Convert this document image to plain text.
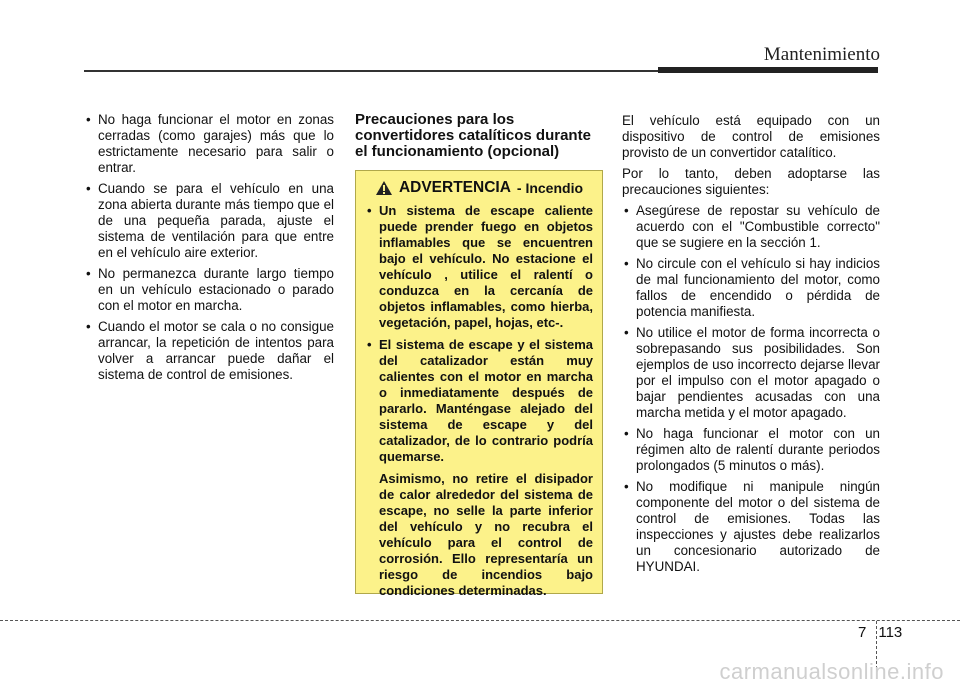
Mantenimiento
• No haga funcionar el motor en zonas cerradas (como garajes) más que lo estrictamente necesario para salir o entrar.
• Cuando se para el vehículo en una zona abierta durante más tiempo que el de una pequeña parada, ajuste el sistema de ventilación para que entre en el vehículo aire exterior.
• No permanezca durante largo tiempo en un vehículo estacionado o parado con el motor en marcha.
• Cuando el motor se cala o no consigue arrancar, la repetición de intentos para volver a arrancar puede dañar el sistema de control de emisiones.
Precauciones para los convertidores catalíticos durante el funcionamiento (opcional)
ADVERTENCIA - Incendio
• Un sistema de escape caliente puede prender fuego en objetos inflamables que se encuentren bajo el vehículo. No estacione el vehículo , utilice el ralentí o conduzca en la cercanía de objetos inflamables, como hierba, vegetación, papel, hojas, etc-.
• El sistema de escape y el sistema del catalizador están muy calientes con el motor en marcha o inmediatamente después de pararlo. Manténgase alejado del sistema de escape y del catalizador, de lo contrario podría quemarse.
Asimismo, no retire el disipador de calor alrededor del sistema de escape, no selle la parte inferior del vehículo y no recubra el vehículo para el control de corrosión. Ello representaría un riesgo de incendios bajo condiciones determinadas.

El vehículo está equipado con un dispositivo de control de emisiones provisto de un convertidor catalítico.

Por lo tanto, deben adoptarse las precauciones siguientes:

• Asegúrese de repostar su vehículo de acuerdo con el "Combustible correcto" que se sugiere en la sección 1.
• No circule con el vehículo si hay indicios de mal funcionamiento del motor, como fallos de encendido o pérdida de potencia manifiesta.
• No utilice el motor de forma incorrecta o sobrepasando sus posibilidades. Son ejemplos de uso incorrecto dejarse llevar por el impulso con el motor apagado o bajar pendientes acusadas con una marcha metida y el motor apagado.
• No haga funcionar el motor con un régimen alto de ralentí durante periodos prolongados (5 minutos o más).
• No modifique ni manipule ningún componente del motor o del sistema de control de emisiones. Todas las inspecciones y ajustes debe realizarlos un concesionario autorizado de HYUNDAI.
7 113
carmanualsonline.info
